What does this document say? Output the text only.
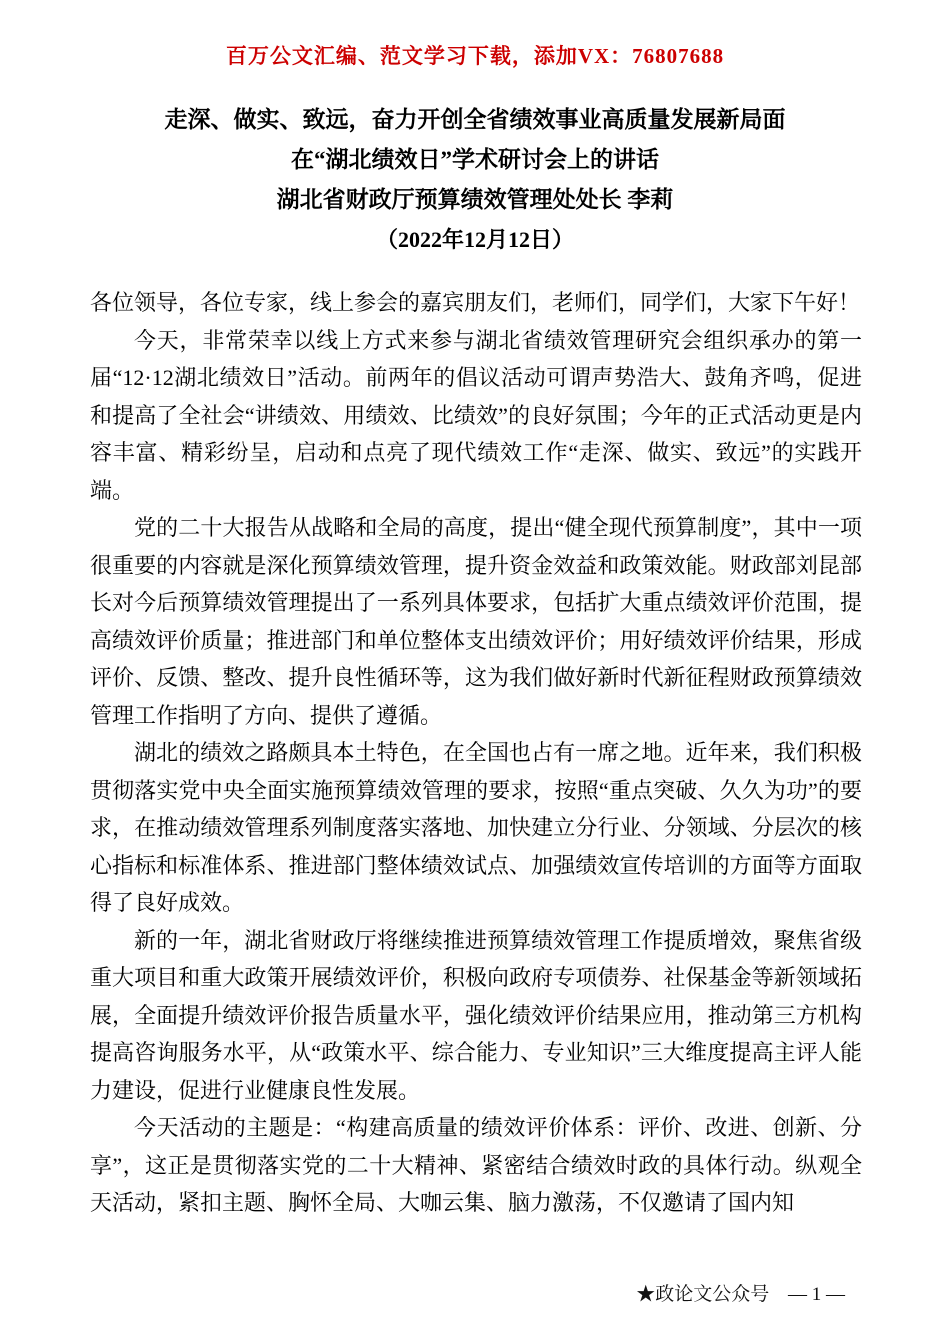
百万公文汇编、范文学习下载，添加VX：76807688
走深、做实、致远，奋力开创全省绩效事业高质量发展新局面
在“湖北绩效日”学术研讨会上的讲话
湖北省财政厅预算绩效管理处处长 李莉
（2022年12月12日）

各位领导，各位专家，线上参会的嘉宾朋友们，老师们，同学们，大家下午好！

今天，非常荣幸以线上方式来参与湖北省绩效管理研究会组织承办的第一届“12·12湖北绩效日”活动。前两年的倡议活动可谓声势浩大、鼓角齐鸣，促进和提高了全社会“讲绩效、用绩效、比绩效”的良好氛围；今年的正式活动更是内容丰富、精彩纷呈，启动和点亮了现代绩效工作“走深、做实、致远”的实践开端。

党的二十大报告从战略和全局的高度，提出“健全现代预算制度”，其中一项很重要的内容就是深化预算绩效管理，提升资金效益和政策效能。财政部刘昆部长对今后预算绩效管理提出了一系列具体要求，包括扩大重点绩效评价范围，提高绩效评价质量；推进部门和单位整体支出绩效评价；用好绩效评价结果，形成评价、反馈、整改、提升良性循环等，这为我们做好新时代新征程财政预算绩效管理工作指明了方向、提供了遵循。

湖北的绩效之路颇具本土特色，在全国也占有一席之地。近年来，我们积极贯彻落实党中央全面实施预算绩效管理的要求，按照“重点突破、久久为功”的要求，在推动绩效管理系列制度落实落地、加快建立分行业、分领域、分层次的核心指标和标准体系、推进部门整体绩效试点、加强绩效宣传培训的方面等方面取得了良好成效。

新的一年，湖北省财政厅将继续推进预算绩效管理工作提质增效，聚焦省级重大项目和重大政策开展绩效评价，积极向政府专项债券、社保基金等新领域拓展，全面提升绩效评价报告质量水平，强化绩效评价结果应用，推动第三方机构提高咨询服务水平，从“政策水平、综合能力、专业知识”三大维度提高主评人能力建设，促进行业健康良性发展。

今天活动的主题是：“构建高质量的绩效评价体系：评价、改进、创新、分享”，这正是贯彻落实党的二十大精神、紧密结合绩效时政的具体行动。纵观全天活动，紧扣主题、胸怀全局、大咖云集、脑力激荡，不仅邀请了国内知

★政论文公众号 — 1 —
